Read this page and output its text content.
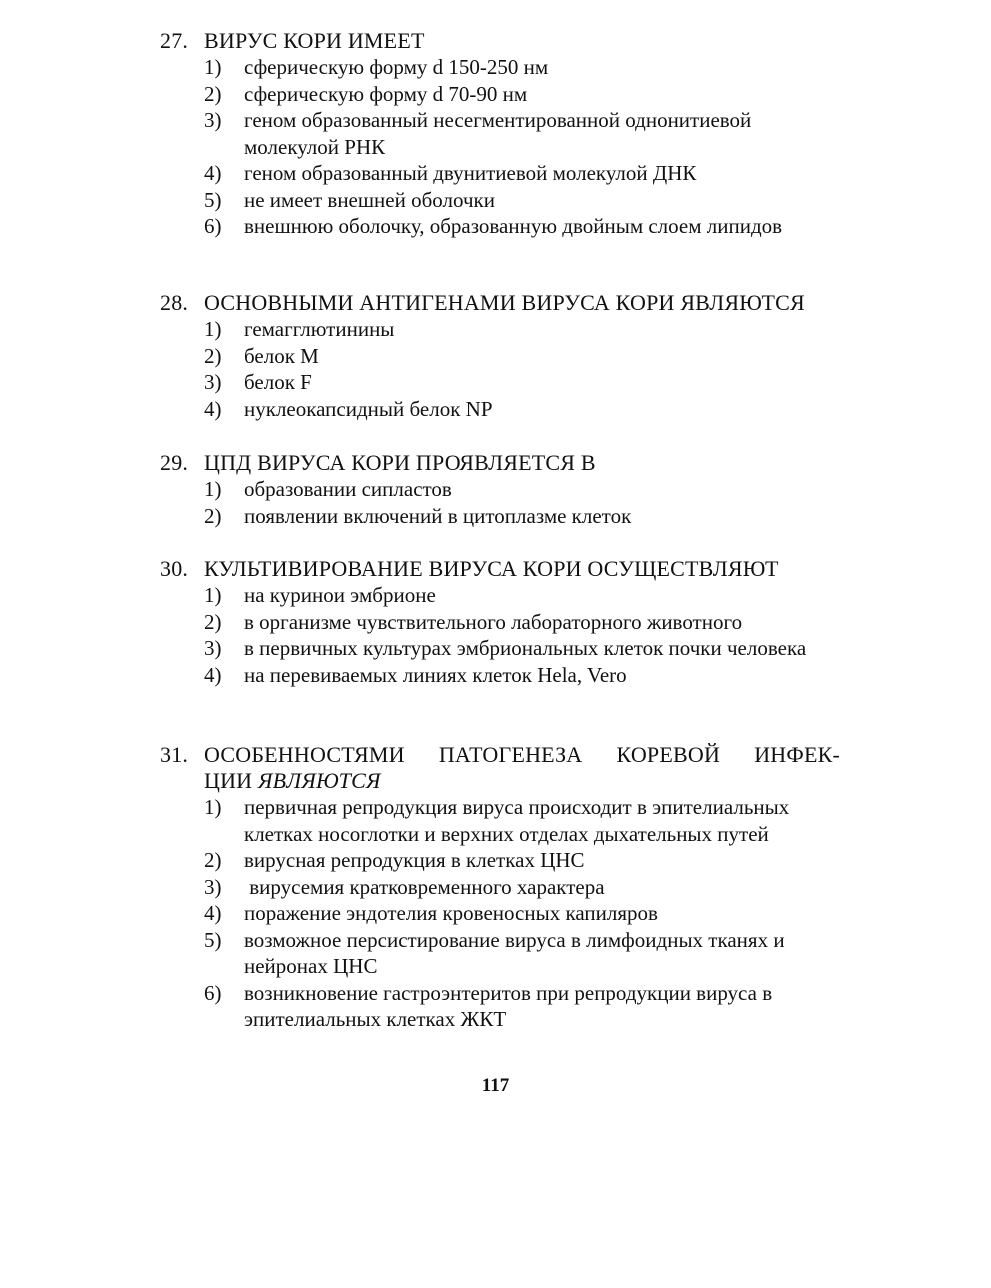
27. ВИРУС КОРИ ИМЕЕТ
1)	сферическую форму d 150-250 нм
2)	сферическую форму d 70-90 нм
3)	геном образованный несегментированной однонитиевой молекулой РНК
4)	геном образованный двунитиевой молекулой ДНК
5)	не имеет внешней оболочки
6)	внешнюю оболочку, образованную двойным слоем липидов
28. ОСНОВНЫМИ АНТИГЕНАМИ ВИРУСА КОРИ ЯВЛЯЮТСЯ
1)	гемагглютинины
2)	белок М
3)	белок F
4)	нуклеокапсидный белок NP
29. ЦПД ВИРУСА КОРИ ПРОЯВЛЯЕТСЯ В
1)	образовании сипластов
2)	появлении включений в цитоплазме клеток
30. КУЛЬТИВИРОВАНИЕ ВИРУСА КОРИ ОСУЩЕСТВЛЯЮТ
1)	на куринои эмбрионе
2)	в организме чувствительного лабораторного животного
3)	в первичных культурах эмбриональных клеток почки человека
4)	на перевиваемых линиях клеток Hela, Vero
31. ОСОБЕННОСТЯМИ ПАТОГЕНЕЗА КОРЕВОЙ ИНФЕК-
ЦИИ ЯВЛЯЮТСЯ
1)	первичная репродукция вируса происходит в эпителиальных клетках носоглотки и верхних отделах дыхательных путей
2)	вирусная репродукция в клетках ЦНС
3)	вирусемия кратковременного характера
4)	поражение эндотелия кровеносных капиляров
5)	возможное персистирование вируса в лимфоидных тканях и нейронах ЦНС
6)	возникновение гастроэнтеритов при репродукции вируса в эпителиальных клетках ЖКТ
117
